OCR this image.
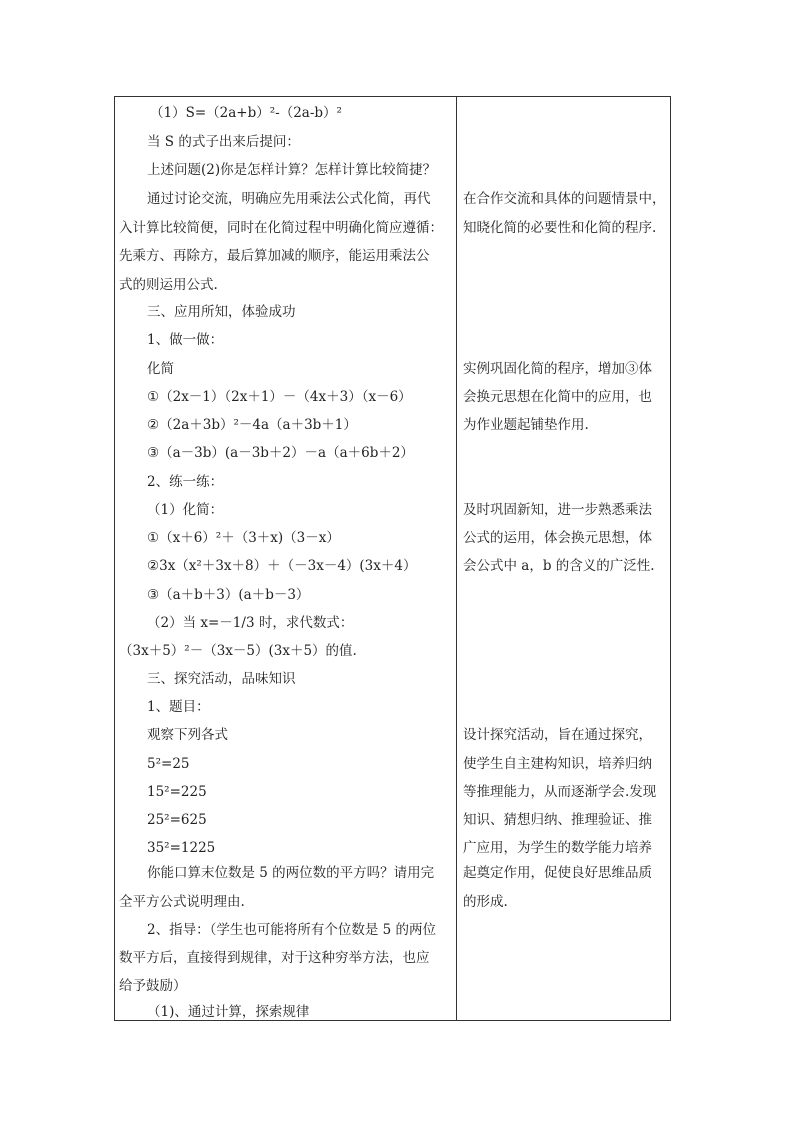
（1）S=（2a+b）²-（2a-b）²
当 S 的式子出来后提问：
上述问题(2)你是怎样计算？怎样计算比较简捷？
通过讨论交流，明确应先用乘法公式化简，再代
入计算比较简便，同时在化简过程中明确化简应遵循：
先乘方、再除方，最后算加减的顺序，能运用乘法公
式的则运用公式.
三、应用所知，体验成功
1、做一做：
化简
①（2x－1）（2x＋1）－（4x＋3）（x－6）
②（2a＋3b）²－4a（a＋3b＋1）
③（a－3b）(a－3b＋2）－a（a＋6b＋2）
2、练一练：
（1）化简：
①（x＋6）²＋（3＋x)（3－x）
②3x（x²＋3x＋8）＋（－3x－4）(3x＋4）
③（a＋b＋3）(a＋b－3）
（2）当 x=－1/3 时，求代数式：
（3x＋5）²－（3x－5）(3x＋5）的值.
三、探究活动，品味知识
1、题目：
观察下列各式
5²=25
15²=225
25²=625
35²=1225
你能口算末位数是 5 的两位数的平方吗？请用完
全平方公式说明理由.
2、指导：（学生也可能将所有个位数是 5 的两位
数平方后，直接得到规律，对于这种穷举方法，也应
给予鼓励）
（1)、通过计算，探索规律
在合作交流和具体的问题情景中，
知晓化简的必要性和化简的程序.
实例巩固化简的程序，增加③体
会换元思想在化简中的应用，也
为作业题起铺垫作用.
及时巩固新知，进一步熟悉乘法
公式的运用，体会换元思想，体
会公式中 a，b 的含义的广泛性.
设计探究活动，旨在通过探究，
使学生自主建构知识，培养归纳
等推理能力，从而逐渐学会.发现
知识、猜想归纳、推理验证、推
广应用，为学生的数学能力培养
起奠定作用，促使良好思维品质
的形成.
